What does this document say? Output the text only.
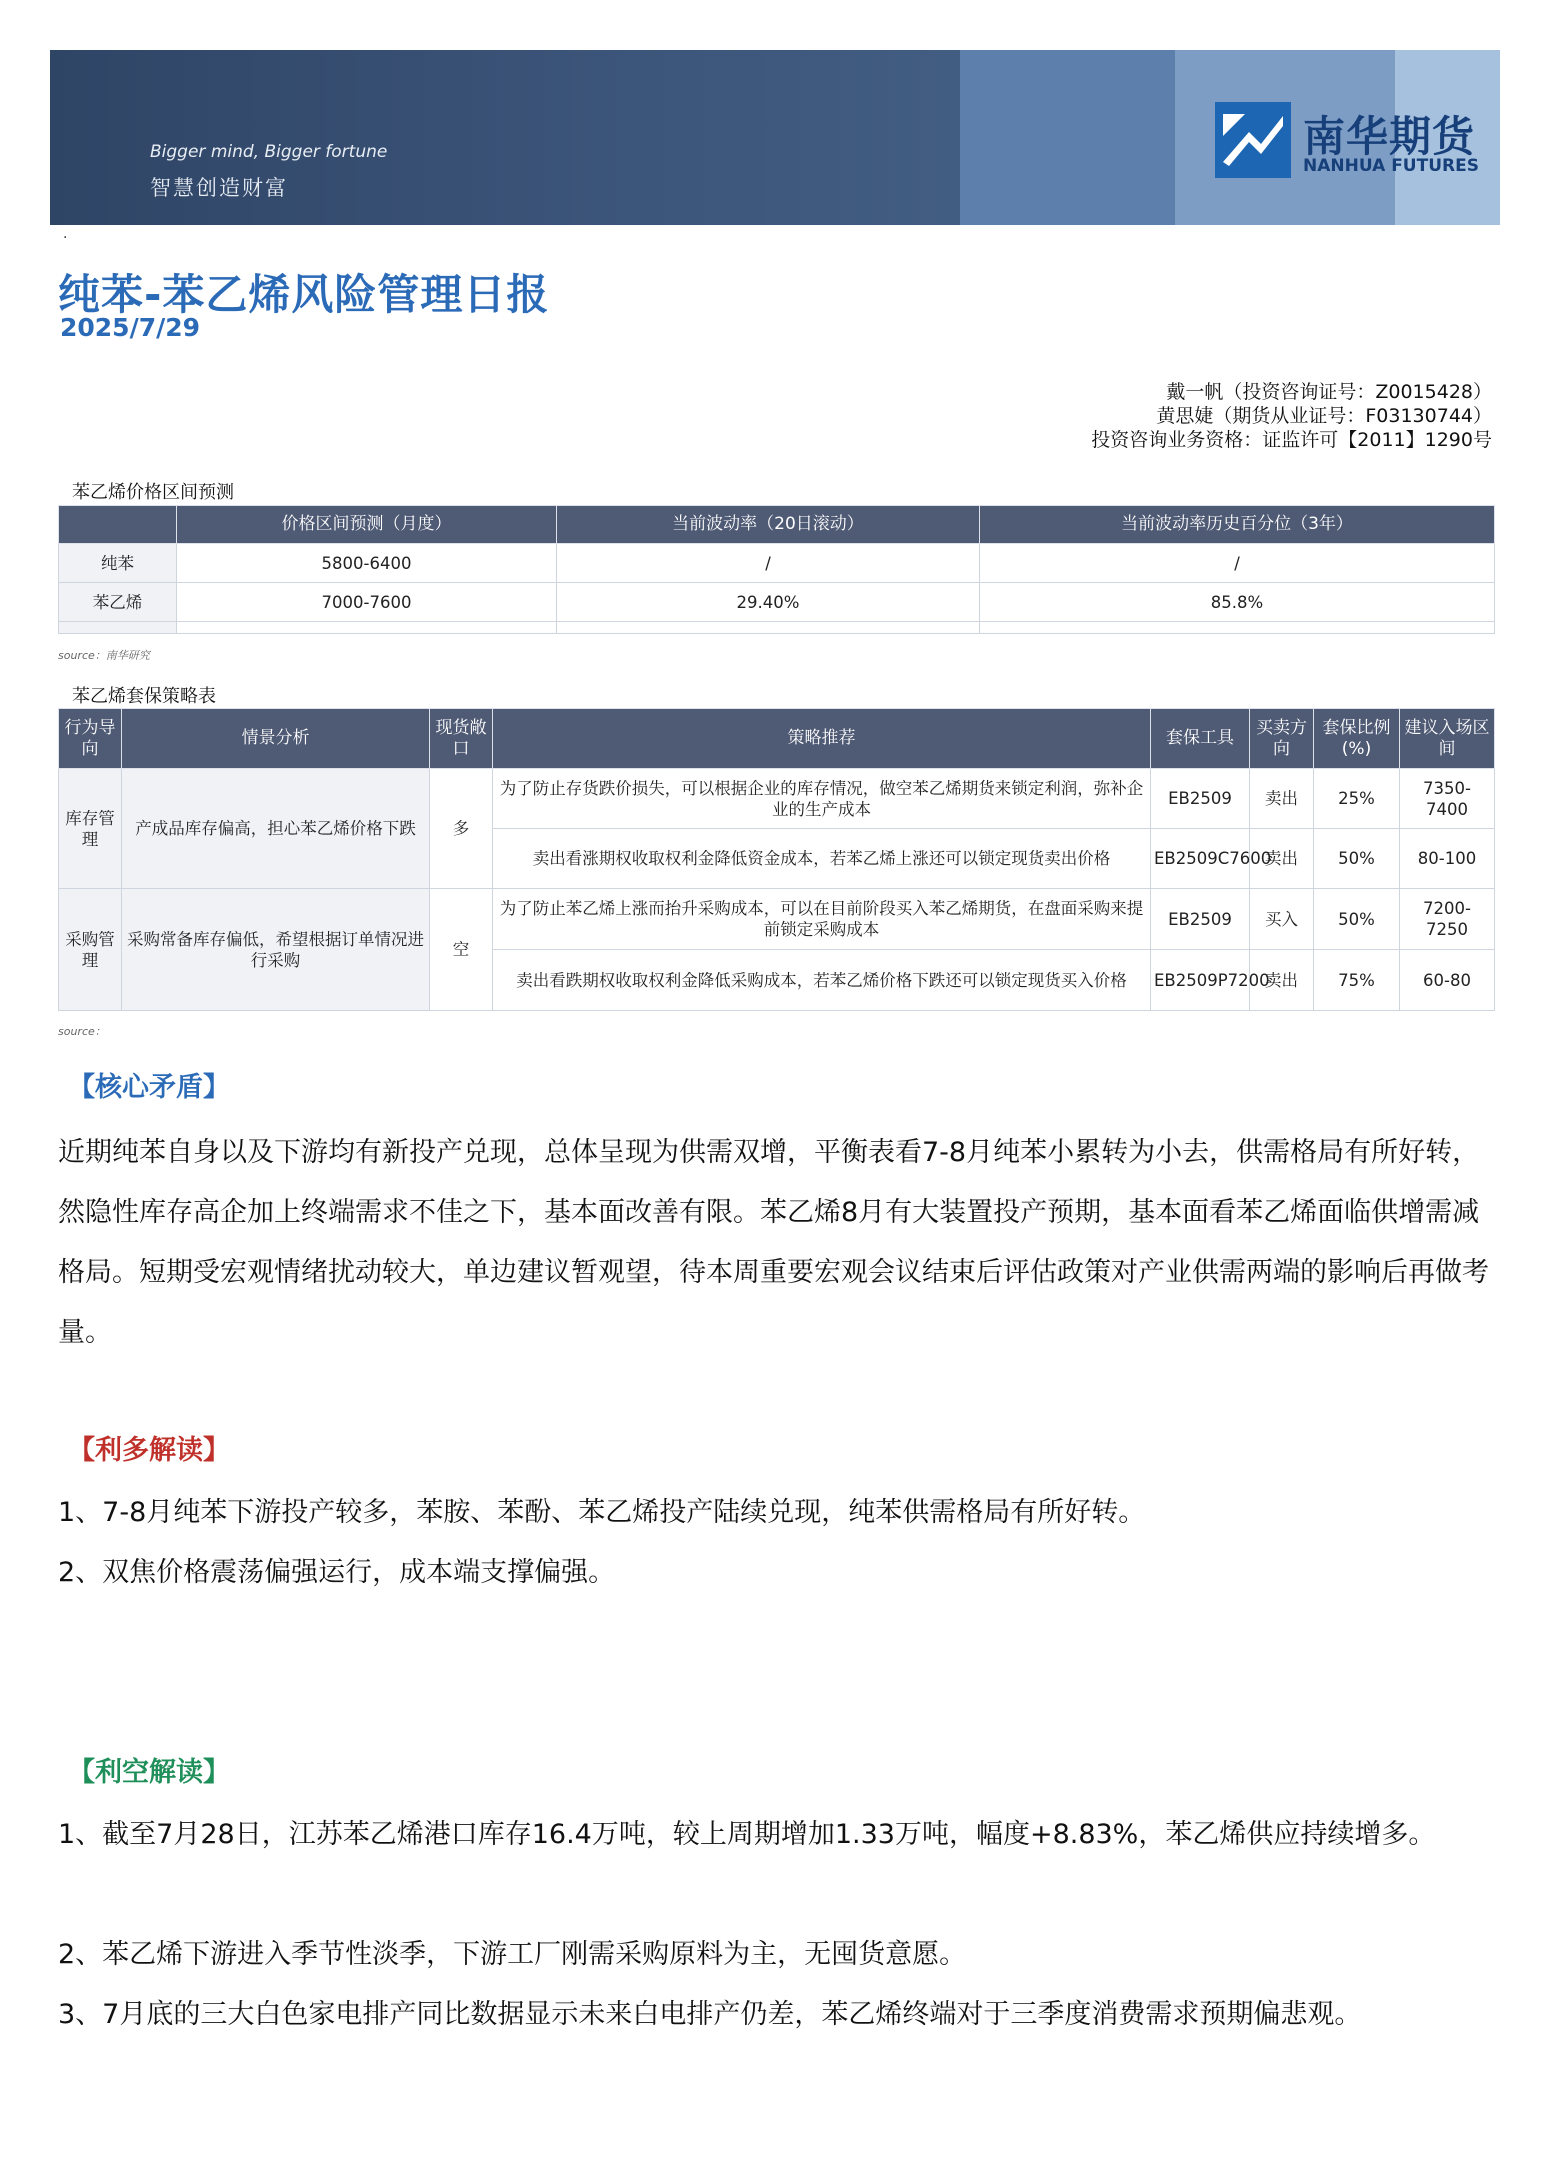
Bigger mind, Bigger fortune
智慧创造财富
南华期货
NANHUA FUTURES
·
纯苯-苯乙烯风险管理日报
2025/7/29
戴一帆（投资咨询证号：Z0015428）
黄思婕（期货从业证号：F03130744）
投资咨询业务资格：证监许可【2011】1290号
苯乙烯价格区间预测
	价格区间预测（月度）	当前波动率（20日滚动）	当前波动率历史百分位（3年）
纯苯	5800-6400	/	/
苯乙烯	7000-7600	29.40%	85.8%

source：南华研究
苯乙烯套保策略表
行为导向	情景分析	现货敞口	策略推荐	套保工具	买卖方向	套保比例(%)	建议入场区间
库存管理	产成品库存偏高，担心苯乙烯价格下跌	多	为了防止存货跌价损失，可以根据企业的库存情况，做空苯乙烯期货来锁定利润，弥补企业的生产成本	EB2509	卖出	25%	7350-7400
			卖出看涨期权收取权利金降低资金成本，若苯乙烯上涨还可以锁定现货卖出价格	EB2509C7600	卖出	50%	80-100
采购管理	采购常备库存偏低，希望根据订单情况进行采购	空	为了防止苯乙烯上涨而抬升采购成本，可以在目前阶段买入苯乙烯期货，在盘面采购来提前锁定采购成本	EB2509	买入	50%	7200-7250
			卖出看跌期权收取权利金降低采购成本，若苯乙烯价格下跌还可以锁定现货买入价格	EB2509P7200	卖出	75%	60-80
source：
【核心矛盾】

近期纯苯自身以及下游均有新投产兑现，总体呈现为供需双增，平衡表看7-8月纯苯小累转为小去，供需格局有所好转，然隐性库存高企加上终端需求不佳之下，基本面改善有限。苯乙烯8月有大装置投产预期，基本面看苯乙烯面临供增需减格局。短期受宏观情绪扰动较大，单边建议暂观望，待本周重要宏观会议结束后评估政策对产业供需两端的影响后再做考量。

【利多解读】

1、7-8月纯苯下游投产较多，苯胺、苯酚、苯乙烯投产陆续兑现，纯苯供需格局有所好转。

2、双焦价格震荡偏强运行，成本端支撑偏强。

【利空解读】

1、截至7月28日，江苏苯乙烯港口库存16.4万吨，较上周期增加1.33万吨，幅度+8.83%，苯乙烯供应持续增多。

2、苯乙烯下游进入季节性淡季，下游工厂刚需采购原料为主，无囤货意愿。

3、7月底的三大白色家电排产同比数据显示未来白电排产仍差，苯乙烯终端对于三季度消费需求预期偏悲观。
